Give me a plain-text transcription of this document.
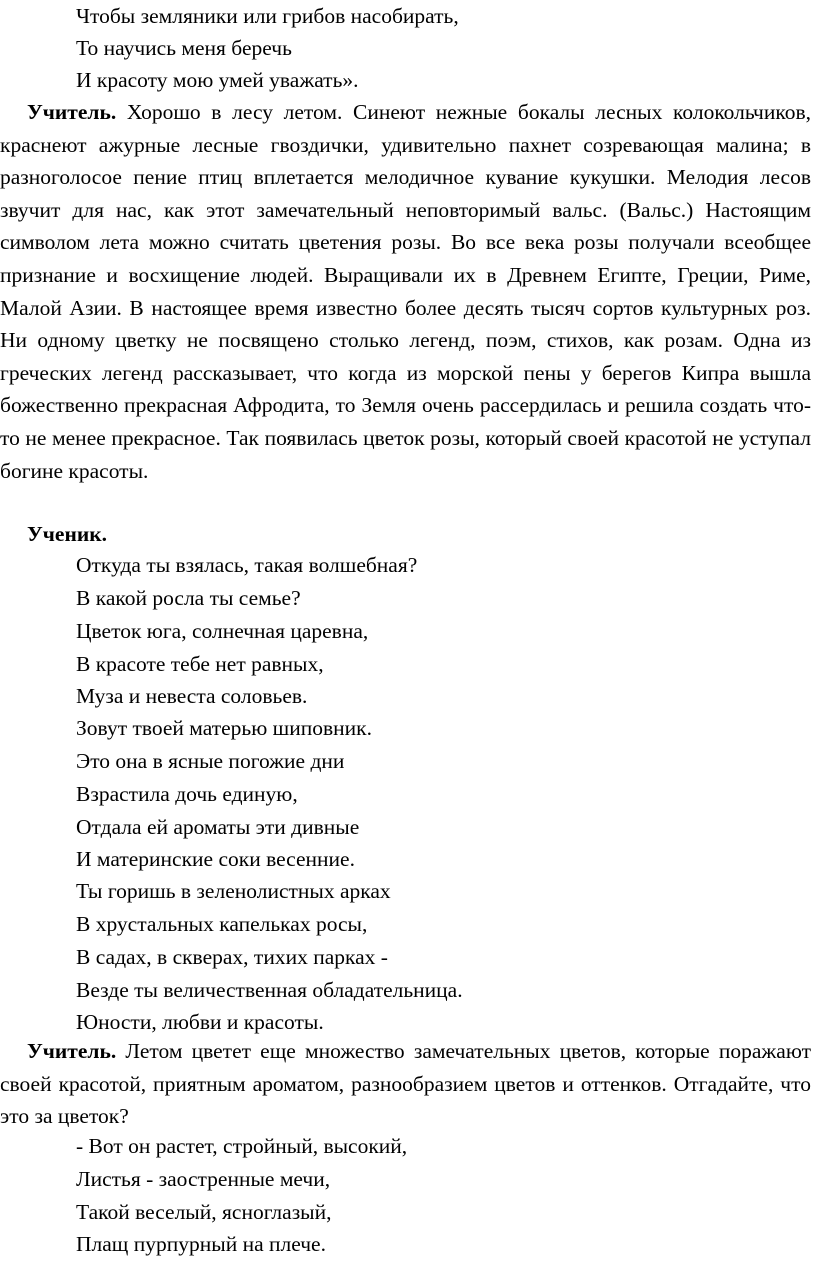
Чтобы земляники или грибов насобирать,
То научись меня беречь
И красоту мою умей уважать».

Учитель. Хорошо в лесу летом. Синеют нежные бокалы лесных колокольчиков, краснеют ажурные лесные гвоздички, удивительно пахнет созревающая малина; в разноголосое пение птиц вплетается мелодичное кувание кукушки. Мелодия лесов звучит для нас, как этот замечательный неповторимый вальс. (Вальс.) Настоящим символом лета можно считать цветения розы. Во все века розы получали всеобщее признание и восхищение людей. Выращивали их в Древнем Египте, Греции, Риме, Малой Азии. В настоящее время известно более десять тысяч сортов культурных роз. Ни одному цветку не посвящено столько легенд, поэм, стихов, как розам. Одна из греческих легенд рассказывает, что когда из морской пены у берегов Кипра вышла божественно прекрасная Афродита, то Земля очень рассердилась и решила создать что-то не менее прекрасное. Так появилась цветок розы, который своей красотой не уступал богине красоты.

Ученик.
Откуда ты взялась, такая волшебная?
В какой росла ты семье?
Цветок юга, солнечная царевна,
В красоте тебе нет равных,
Муза и невеста соловьев.
Зовут твоей матерью шиповник.
Это она в ясные погожие дни
Взрастила дочь единую,
Отдала ей ароматы эти дивные
И материнские соки весенние.
Ты горишь в зеленолистных арках
В хрустальных капельках росы,
В садах, в скверах, тихих парках -
Везде ты величественная обладательница.
Юности, любви и красоты.

Учитель. Летом цветет еще множество замечательных цветов, которые поражают своей красотой, приятным ароматом, разнообразием цветов и оттенков. Отгадайте, что это за цветок?

- Вот он растет, стройный, высокий,
Листья - заостренные мечи,
Такой веселый, ясноглазый,
Плащ пурпурный на плече.
